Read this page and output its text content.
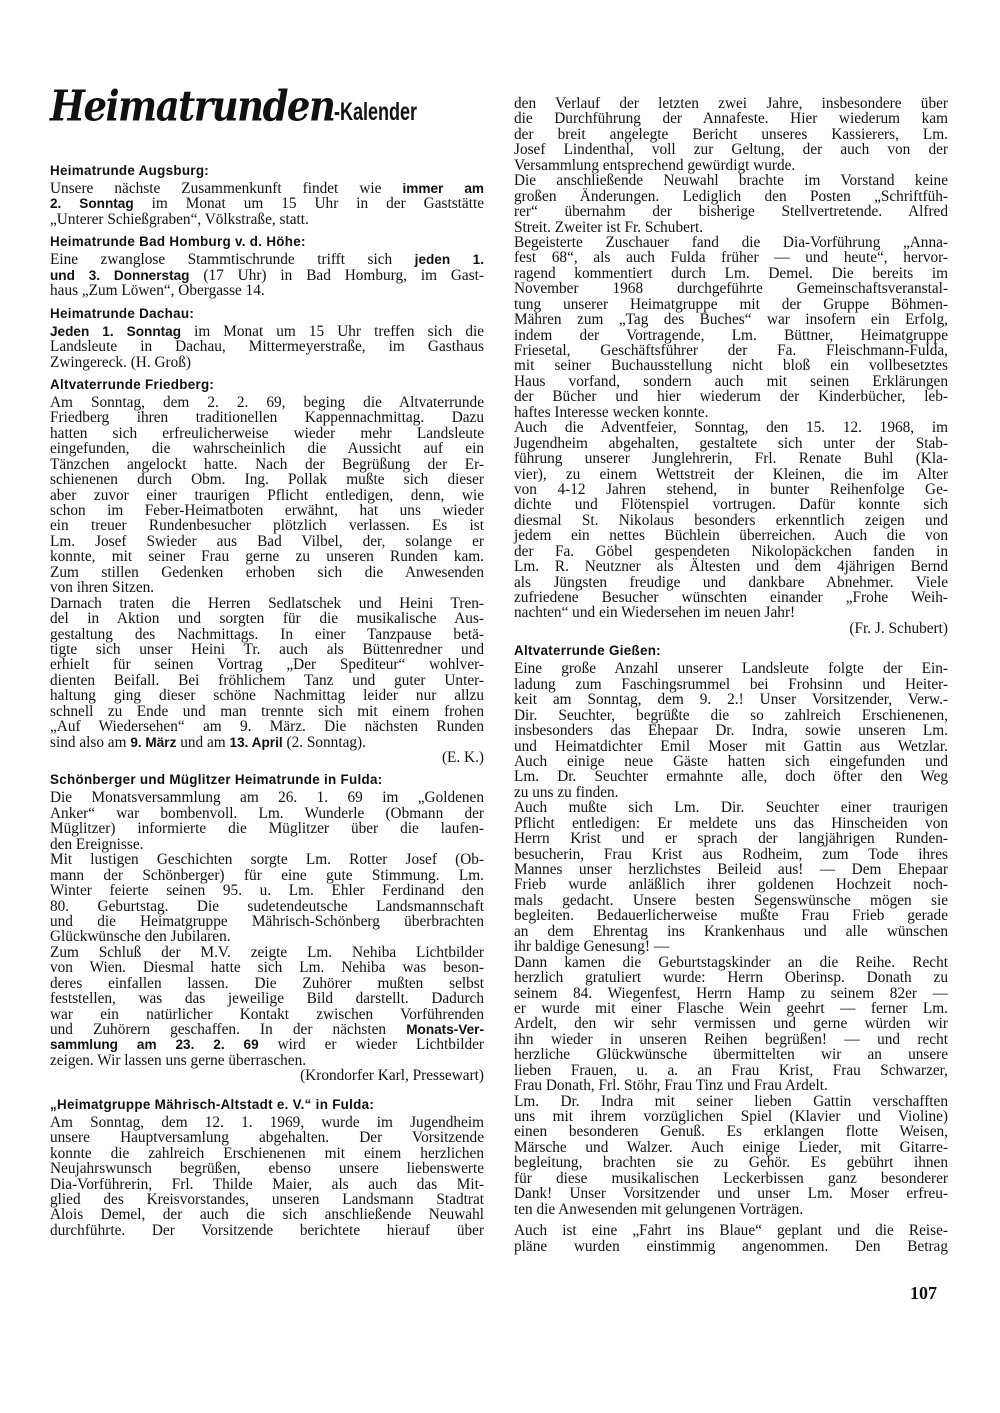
Heimatrunden-Kalender
Heimatrunde Augsburg:
Unsere nächste Zusammenkunft findet wie immer am
2. Sonntag im Monat um 15 Uhr in der Gaststätte
„Unterer Schießgraben“, Völkstraße, statt.
Heimatrunde Bad Homburg v. d. Höhe:
Eine zwanglose Stammtischrunde trifft sich jeden 1.
und 3. Donnerstag (17 Uhr) in Bad Homburg, im Gast-
haus „Zum Löwen“, Obergasse 14.
Heimatrunde Dachau:
Jeden 1. Sonntag im Monat um 15 Uhr treffen sich die
Landsleute in Dachau, Mittermeyerstraße, im Gasthaus
Zwingereck. (H. Groß)
Altvaterrunde Friedberg:
Am Sonntag, dem 2. 2. 69, beging die Altvaterrunde
Friedberg ihren traditionellen Kappennachmittag. Dazu
hatten sich erfreulicherweise wieder mehr Landsleute
eingefunden, die wahrscheinlich die Aussicht auf ein
Tänzchen angelockt hatte. Nach der Begrüßung der Er-
schienenen durch Obm. Ing. Pollak mußte sich dieser
aber zuvor einer traurigen Pflicht entledigen, denn, wie
schon im Feber-Heimatboten erwähnt, hat uns wieder
ein treuer Rundenbesucher plötzlich verlassen. Es ist
Lm. Josef Swieder aus Bad Vilbel, der, solange er
konnte, mit seiner Frau gerne zu unseren Runden kam.
Zum stillen Gedenken erhoben sich die Anwesenden
von ihren Sitzen.
Darnach traten die Herren Sedlatschek und Heini Tren-
del in Aktion und sorgten für die musikalische Aus-
gestaltung des Nachmittags. In einer Tanzpause betä-
tigte sich unser Heini Tr. auch als Büttenredner und
erhielt für seinen Vortrag „Der Spediteur“ wohlver-
dienten Beifall. Bei fröhlichem Tanz und guter Unter-
haltung ging dieser schöne Nachmittag leider nur allzu
schnell zu Ende und man trennte sich mit einem frohen
„Auf Wiedersehen“ am 9. März. Die nächsten Runden
sind also am 9. März und am 13. April (2. Sonntag).
(E. K.)
Schönberger und Müglitzer Heimatrunde in Fulda:
Die Monatsversammlung am 26. 1. 69 im „Goldenen
Anker“ war bombenvoll. Lm. Wunderle (Obmann der
Müglitzer) informierte die Müglitzer über die laufen-
den Ereignisse.
Mit lustigen Geschichten sorgte Lm. Rotter Josef (Ob-
mann der Schönberger) für eine gute Stimmung. Lm.
Winter feierte seinen 95. u. Lm. Ehler Ferdinand den
80. Geburtstag. Die sudetendeutsche Landsmannschaft
und die Heimatgruppe Mährisch-Schönberg überbrachten
Glückwünsche den Jubilaren.
Zum Schluß der M.V. zeigte Lm. Nehiba Lichtbilder
von Wien. Diesmal hatte sich Lm. Nehiba was beson-
deres einfallen lassen. Die Zuhörer mußten selbst
feststellen, was das jeweilige Bild darstellt. Dadurch
war ein natürlicher Kontakt zwischen Vorführenden
und Zuhörern geschaffen. In der nächsten Monats-Ver-
sammlung am 23. 2. 69 wird er wieder Lichtbilder
zeigen. Wir lassen uns gerne überraschen.
(Krondorfer Karl, Pressewart)
„Heimatgruppe Mährisch-Altstadt e. V.“ in Fulda:
Am Sonntag, dem 12. 1. 1969, wurde im Jugendheim
unsere Hauptversamlung abgehalten. Der Vorsitzende
konnte die zahlreich Erschienenen mit einem herzlichen
Neujahrswunsch begrüßen, ebenso unsere liebenswerte
Dia-Vorführerin, Frl. Thilde Maier, als auch das Mit-
glied des Kreisvorstandes, unseren Landsmann Stadtrat
Alois Demel, der auch die sich anschließende Neuwahl
durchführte. Der Vorsitzende berichtete hierauf über
den Verlauf der letzten zwei Jahre, insbesondere über
die Durchführung der Annafeste. Hier wiederum kam
der breit angelegte Bericht unseres Kassierers, Lm.
Josef Lindenthal, voll zur Geltung, der auch von der
Versammlung entsprechend gewürdigt wurde.
Die anschließende Neuwahl brachte im Vorstand keine
großen Änderungen. Lediglich den Posten „Schriftfüh-
rer“ übernahm der bisherige Stellvertretende. Alfred
Streit. Zweiter ist Fr. Schubert.
Begeisterte Zuschauer fand die Dia-Vorführung „Anna-
fest 68“, als auch Fulda früher — und heute“, hervor-
ragend kommentiert durch Lm. Demel. Die bereits im
November 1968 durchgeführte Gemeinschaftsveranstal-
tung unserer Heimatgruppe mit der Gruppe Böhmen-
Mähren zum „Tag des Buches“ war insofern ein Erfolg,
indem der Vortragende, Lm. Büttner, Heimatgruppe
Friesetal, Geschäftsführer der Fa. Fleischmann-Fulda,
mit seiner Buchausstellung nicht bloß ein vollbesetztes
Haus vorfand, sondern auch mit seinen Erklärungen
der Bücher und hier wiederum der Kinderbücher, leb-
haftes Interesse wecken konnte.
Auch die Adventfeier, Sonntag, den 15. 12. 1968, im
Jugendheim abgehalten, gestaltete sich unter der Stab-
führung unserer Junglehrerin, Frl. Renate Buhl (Kla-
vier), zu einem Wettstreit der Kleinen, die im Alter
von 4-12 Jahren stehend, in bunter Reihenfolge Ge-
dichte und Flötenspiel vortrugen. Dafür konnte sich
diesmal St. Nikolaus besonders erkenntlich zeigen und
jedem ein nettes Büchlein überreichen. Auch die von
der Fa. Göbel gespendeten Nikolopäckchen fanden in
Lm. R. Neutzner als Ältesten und dem 4jährigen Bernd
als Jüngsten freudige und dankbare Abnehmer. Viele
zufriedene Besucher wünschten einander „Frohe Weih-
nachten“ und ein Wiedersehen im neuen Jahr!
(Fr. J. Schubert)
Altvaterrunde Gießen:
Eine große Anzahl unserer Landsleute folgte der Ein-
ladung zum Faschingsrummel bei Frohsinn und Heiter-
keit am Sonntag, dem 9. 2.! Unser Vorsitzender, Verw.-
Dir. Seuchter, begrüßte die so zahlreich Erschienenen,
insbesonders das Ehepaar Dr. Indra, sowie unseren Lm.
und Heimatdichter Emil Moser mit Gattin aus Wetzlar.
Auch einige neue Gäste hatten sich eingefunden und
Lm. Dr. Seuchter ermahnte alle, doch öfter den Weg
zu uns zu finden.
Auch mußte sich Lm. Dir. Seuchter einer traurigen
Pflicht entledigen: Er meldete uns das Hinscheiden von
Herrn Krist und er sprach der langjährigen Runden-
besucherin, Frau Krist aus Rodheim, zum Tode ihres
Mannes unser herzlichstes Beileid aus! — Dem Ehepaar
Frieb wurde anläßlich ihrer goldenen Hochzeit noch-
mals gedacht. Unsere besten Segenswünsche mögen sie
begleiten. Bedauerlicherweise mußte Frau Frieb gerade
an dem Ehrentag ins Krankenhaus und alle wünschen
ihr baldige Genesung! —
Dann kamen die Geburtstagskinder an die Reihe. Recht
herzlich gratuliert wurde: Herrn Oberinsp. Donath zu
seinem 84. Wiegenfest, Herrn Hamp zu seinem 82er —
er wurde mit einer Flasche Wein geehrt — ferner Lm.
Ardelt, den wir sehr vermissen und gerne würden wir
ihn wieder in unseren Reihen begrüßen! — und recht
herzliche Glückwünsche übermittelten wir an unsere
lieben Frauen, u. a. an Frau Krist, Frau Schwarzer,
Frau Donath, Frl. Stöhr, Frau Tinz und Frau Ardelt.
Lm. Dr. Indra mit seiner lieben Gattin verschafften
uns mit ihrem vorzüglichen Spiel (Klavier und Violine)
einen besonderen Genuß. Es erklangen flotte Weisen,
Märsche und Walzer. Auch einige Lieder, mit Gitarre-
begleitung, brachten sie zu Gehör. Es gebührt ihnen
für diese musikalischen Leckerbissen ganz besonderer
Dank! Unser Vorsitzender und unser Lm. Moser erfreu-
ten die Anwesenden mit gelungenen Vorträgen.
Auch ist eine „Fahrt ins Blaue“ geplant und die Reise-
pläne wurden einstimmig angenommen. Den Betrag
107
